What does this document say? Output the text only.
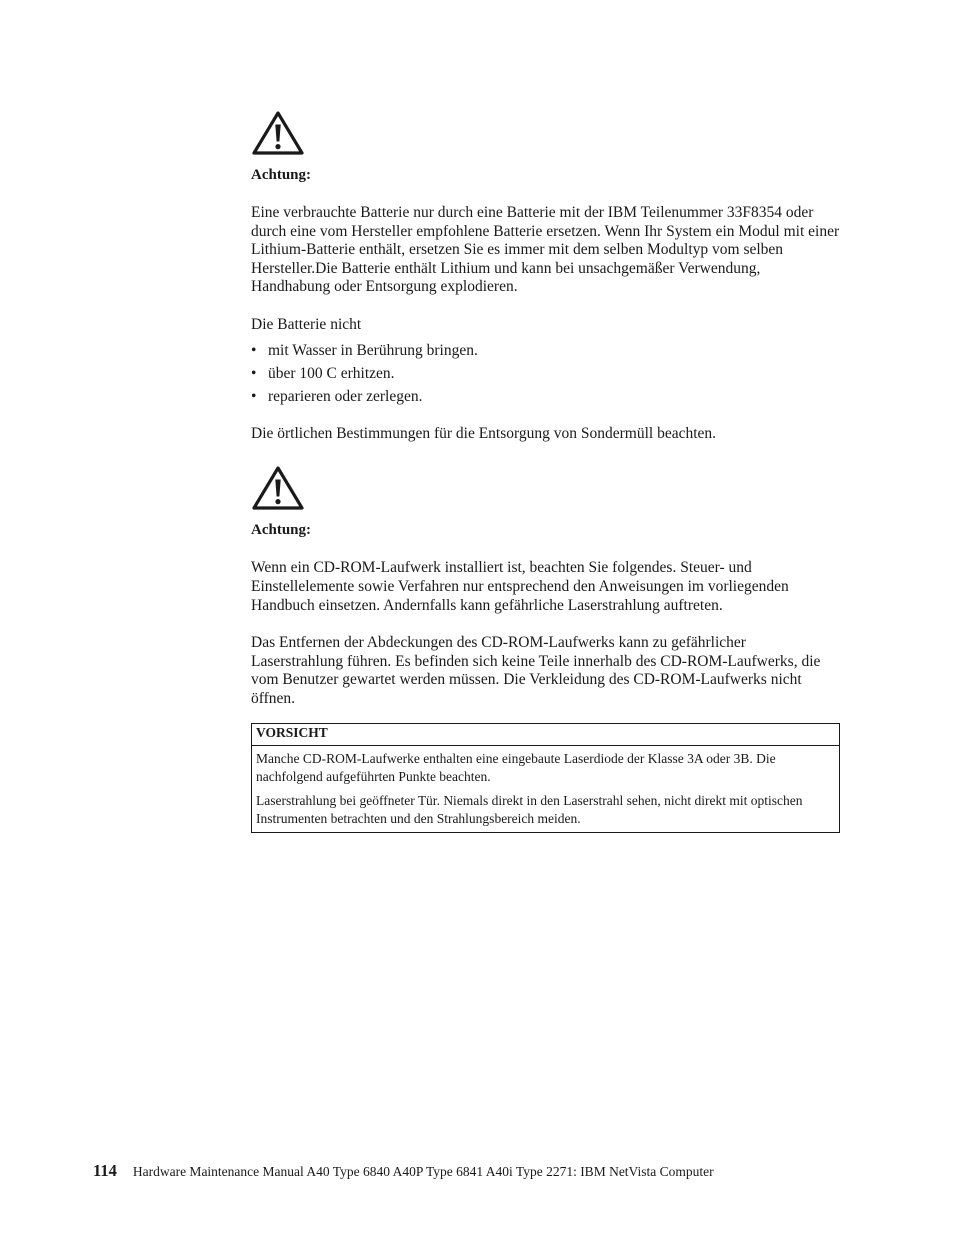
Achtung:

Eine verbrauchte Batterie nur durch eine Batterie mit der IBM Teilenummer 33F8354 oder durch eine vom Hersteller empfohlene Batterie ersetzen. Wenn Ihr System ein Modul mit einer Lithium-Batterie enthält, ersetzen Sie es immer mit dem selben Modultyp vom selben Hersteller.Die Batterie enthält Lithium und kann bei unsachgemäßer Verwendung, Handhabung oder Entsorgung explodieren.

Die Batterie nicht

• mit Wasser in Berührung bringen.
• über 100 C erhitzen.
• reparieren oder zerlegen.

Die örtlichen Bestimmungen für die Entsorgung von Sondermüll beachten.

Achtung:

Wenn ein CD-ROM-Laufwerk installiert ist, beachten Sie folgendes. Steuer- und Einstellelemente sowie Verfahren nur entsprechend den Anweisungen im vorliegenden Handbuch einsetzen. Andernfalls kann gefährliche Laserstrahlung auftreten.

Das Entfernen der Abdeckungen des CD-ROM-Laufwerks kann zu gefährlicher Laserstrahlung führen. Es befinden sich keine Teile innerhalb des CD-ROM-Laufwerks, die vom Benutzer gewartet werden müssen. Die Verkleidung des CD-ROM-Laufwerks nicht öffnen.

VORSICHT

Manche CD-ROM-Laufwerke enthalten eine eingebaute Laserdiode der Klasse 3A oder 3B. Die nachfolgend aufgeführten Punkte beachten.

Laserstrahlung bei geöffneter Tür. Niemals direkt in den Laserstrahl sehen, nicht direkt mit optischen Instrumenten betrachten und den Strahlungsbereich meiden.

114 Hardware Maintenance Manual A40 Type 6840 A40P Type 6841 A40i Type 2271: IBM NetVista Computer
